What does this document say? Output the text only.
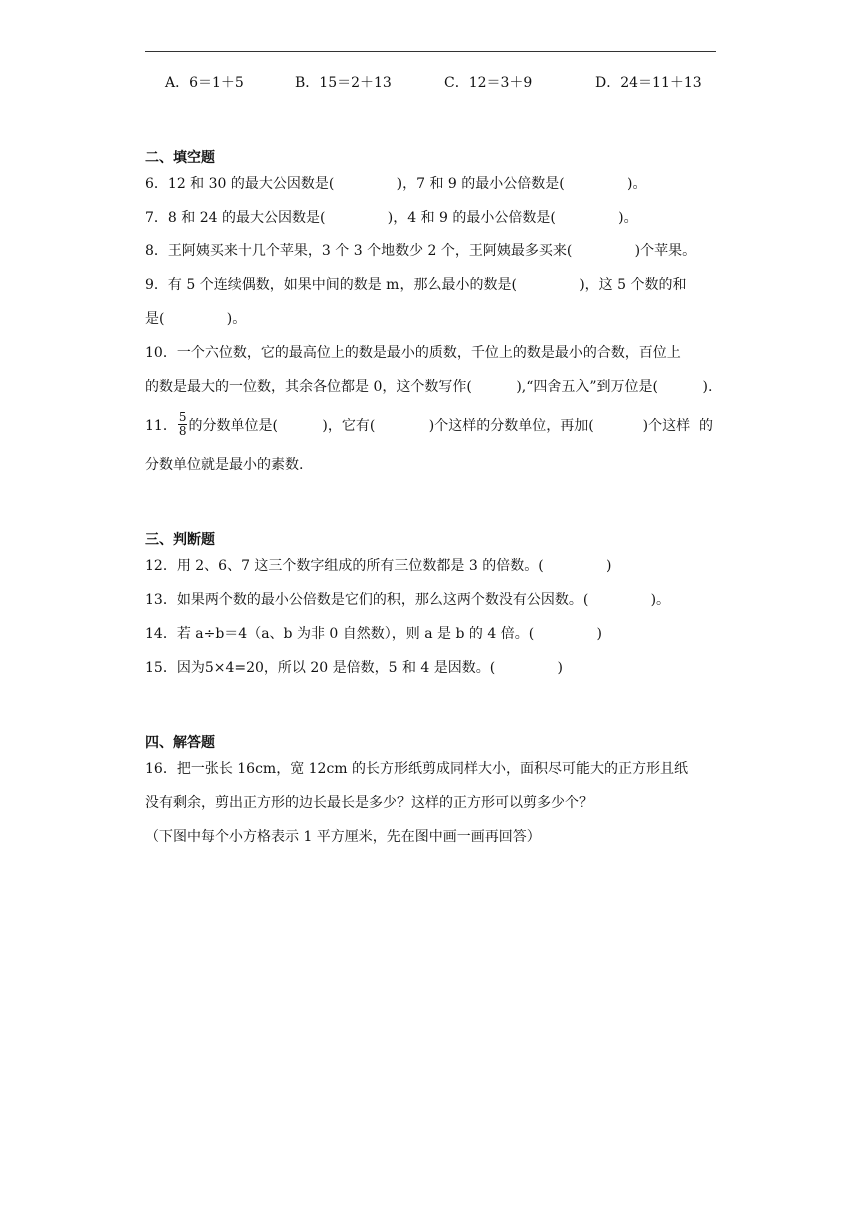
A．6＝1＋5	B．15＝2＋13	C．12＝3＋9	D．24＝11＋13
二、填空题
6．12 和 30 的最大公因数是(              )，7 和 9 的最小公倍数是(              )。
7．8 和 24 的最大公因数是(              )，4 和 9 的最小公倍数是(              )。
8．王阿姨买来十几个苹果，3 个 3 个地数少 2 个，王阿姨最多买来(              )个苹果。
9．有 5 个连续偶数，如果中间的数是 m，那么最小的数是(              )，这 5 个数的和
是(              )。
10．一个六位数，它的最高位上的数是最小的质数，千位上的数是最小的合数，百位上
的数是最大的一位数，其余各位都是 0，这个数写作(          ),“四舍五入”到万位是(          ).
11． $\frac{5}{8}$ 的分数单位是(          )，它有(            )个这样的分数单位，再加(           )个这样  的
分数单位就是最小的素数.
三、判断题
12．用 2、6、7 这三个数字组成的所有三位数都是 3 的倍数。(              )
13．如果两个数的最小公倍数是它们的积，那么这两个数没有公因数。(              )。
14．若 a÷b＝4（a、b 为非 0 自然数），则 a 是 b 的 4 倍。(              )
15．因为5×4=20，所以 20 是倍数，5 和 4 是因数。(              )
四、解答题
16．把一张长 16cm，宽 12cm 的长方形纸剪成同样大小，面积尽可能大的正方形且纸
没有剩余，剪出正方形的边长最长是多少？这样的正方形可以剪多少个？
（下图中每个小方格表示 1 平方厘米，先在图中画一画再回答）
